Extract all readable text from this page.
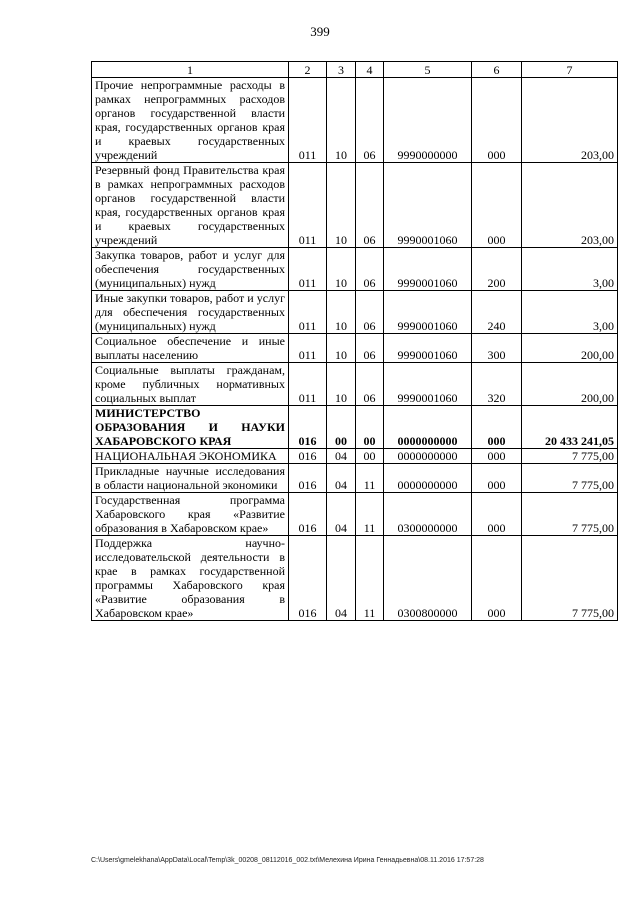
399
1	2	3	4	5	6	7
Прочие непрограммные расходы в рамках непрограммных расходов органов государственной власти края, государственных органов края и краевых государственных учреждений	011	10	06	9990000000	000	203,00
Резервный фонд Правительства края в рамках непрограммных расходов органов государственной власти края, государственных органов края и краевых государственных учреждений	011	10	06	9990001060	000	203,00
Закупка товаров, работ и услуг для обеспечения государственных (муниципальных) нужд	011	10	06	9990001060	200	3,00
Иные закупки товаров, работ и услуг для обеспечения государственных (муниципальных) нужд	011	10	06	9990001060	240	3,00
Социальное обеспечение и иные выплаты населению	011	10	06	9990001060	300	200,00
Социальные выплаты гражданам, кроме публичных нормативных социальных выплат	011	10	06	9990001060	320	200,00
МИНИСТЕРСТВО ОБРАЗОВАНИЯ И НАУКИ ХАБАРОВСКОГО КРАЯ	016	00	00	0000000000	000	20 433 241,05
НАЦИОНАЛЬНАЯ ЭКОНОМИКА	016	04	00	0000000000	000	7 775,00
Прикладные научные исследования в области национальной экономики	016	04	11	0000000000	000	7 775,00
Государственная программа Хабаровского края «Развитие образования в Хабаровском крае»	016	04	11	0300000000	000	7 775,00
Поддержка научно-исследовательской деятельности в крае в рамках государственной программы Хабаровского края «Развитие образования в Хабаровском крае»	016	04	11	0300800000	000	7 775,00
C:\Users\gmelekhana\AppData\Local\Temp\3k_00208_08112016_002.txt\Мелехина Ирина Геннадьевна\08.11.2016 17:57:28
